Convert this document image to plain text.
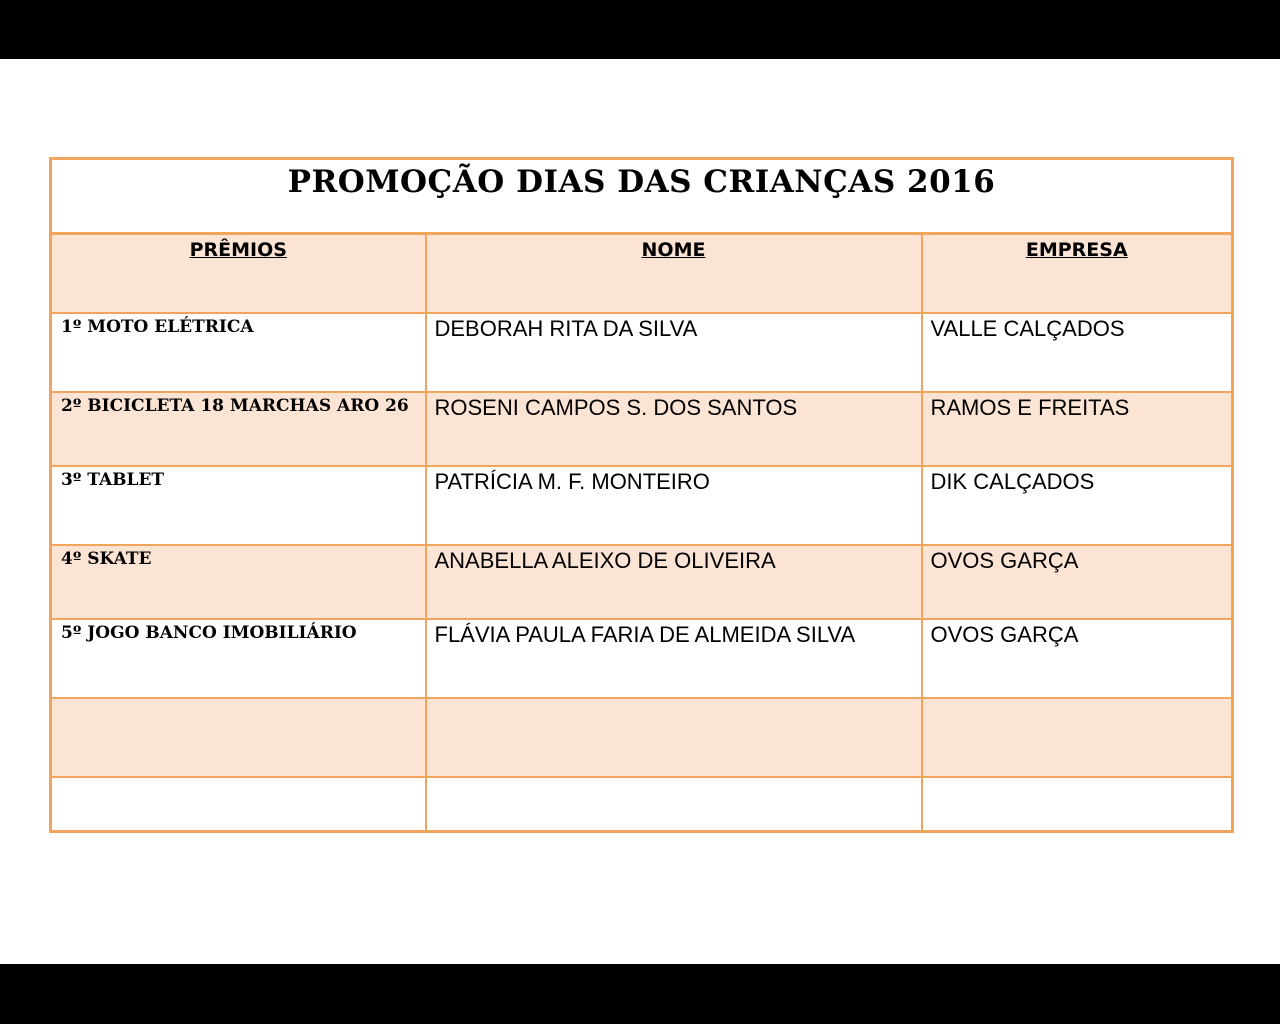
PROMOÇÃO DIAS DAS CRIANÇAS 2016		
PRÊMIOS	NOME	EMPRESA
1º MOTO ELÉTRICA	DEBORAH RITA DA SILVA	VALLE CALÇADOS
2º BICICLETA 18 MARCHAS ARO 26	ROSENI CAMPOS S. DOS SANTOS	RAMOS E FREITAS
3º TABLET	PATRÍCIA M. F. MONTEIRO	DIK CALÇADOS
4º SKATE	ANABELLA ALEIXO DE OLIVEIRA	OVOS GARÇA
5º JOGO BANCO IMOBILIÁRIO	FLÁVIA PAULA FARIA DE ALMEIDA SILVA	OVOS GARÇA
